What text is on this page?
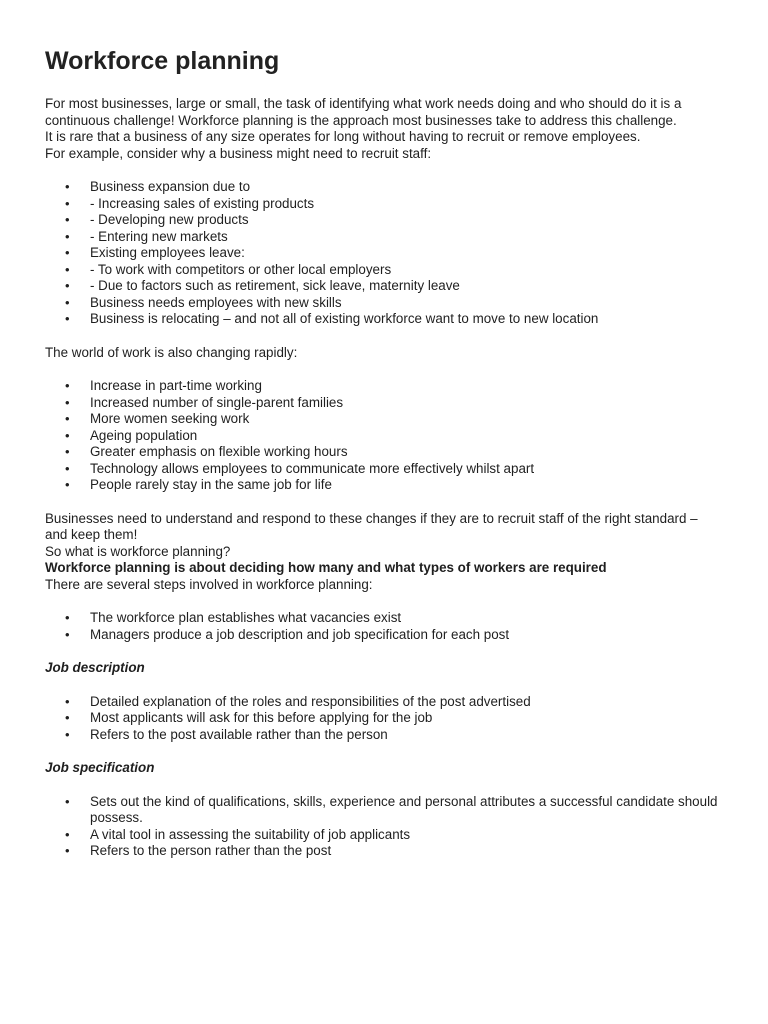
Workforce planning

For most businesses, large or small, the task of identifying what work needs doing and who should do it is a

continuous challenge! Workforce planning is the approach most businesses take to address this challenge.

It is rare that a business of any size operates for long without having to recruit or remove employees.

For example, consider why a business might need to recruit staff:

• Business expansion due to
• - Increasing sales of existing products
• - Developing new products
• - Entering new markets
• Existing employees leave:
• - To work with competitors or other local employers
• - Due to factors such as retirement, sick leave, maternity leave
• Business needs employees with new skills
• Business is relocating – and not all of existing workforce want to move to new location

The world of work is also changing rapidly:

• Increase in part-time working
• Increased number of single-parent families
• More women seeking work
• Ageing population
• Greater emphasis on flexible working hours
• Technology allows employees to communicate more effectively whilst apart
• People rarely stay in the same job for life

Businesses need to understand and respond to these changes if they are to recruit staff of the right standard –

and keep them!

So what is workforce planning?

Workforce planning is about deciding how many and what types of workers are required

There are several steps involved in workforce planning:

• The workforce plan establishes what vacancies exist
• Managers produce a job description and job specification for each post

Job description

• Detailed explanation of the roles and responsibilities of the post advertised
• Most applicants will ask for this before applying for the job
• Refers to the post available rather than the person

Job specification

• Sets out the kind of qualifications, skills, experience and personal attributes a successful candidate should possess.
• A vital tool in assessing the suitability of job applicants
• Refers to the person rather than the post
